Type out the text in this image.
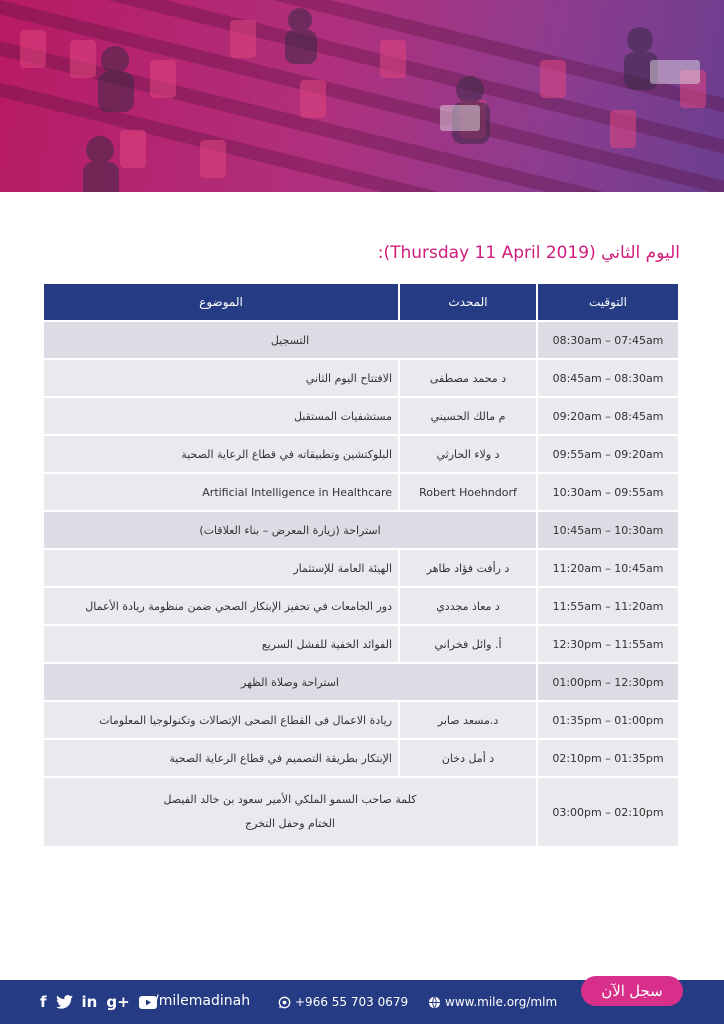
اليوم الثاني (Thursday 11 April 2019):
الموضوع	المحدث	التوقيت
التسجيل		08:30am – 07:45am
الافتتاح اليوم الثاني	د محمد مصطفى	08:45am – 08:30am
مستشفيات المستقبل	م مالك الحسيني	09:20am – 08:45am
البلوكتشين وتطبيقاته في قطاع الرعاية الصحية	د ولاء الحارثي	09:55am – 09:20am
Artificial Intelligence in Healthcare	Robert Hoehndorf	10:30am – 09:55am
استراحة (زيارة المعرض – بناء العلاقات)		10:45am – 10:30am
الهيئة العامة للإستثمار	د رأفت فؤاد طاهر	11:20am – 10:45am
دور الجامعات في تحفيز الإبتكار الصحي ضمن منظومة ريادة الأعمال	د معاذ مجددي	11:55am – 11:20am
الفوائد الخفية للفشل السريع	أ. وائل فخراني	12:30pm – 11:55am
استراحة وصلاة الظهر		01:00pm – 12:30pm
ريادة الاعمال فى القطاع الصحى الإتصالات وتكنولوجيا المعلومات	د.مسعد صابر	01:35pm – 01:00pm
الإبتكار بطريقة التصميم في قطاع الرعاية الصحية	د أمل دخان	02:10pm – 01:35pm

كلمة صاحب السمو الملكي الأمير سعود بن خالد الفيصل
الختام وحفل التخرج		03:00pm – 02:10pm
f in g+ /milemadinah	+966 55 703 0679	www.mile.org/mlm
سجل الآن
